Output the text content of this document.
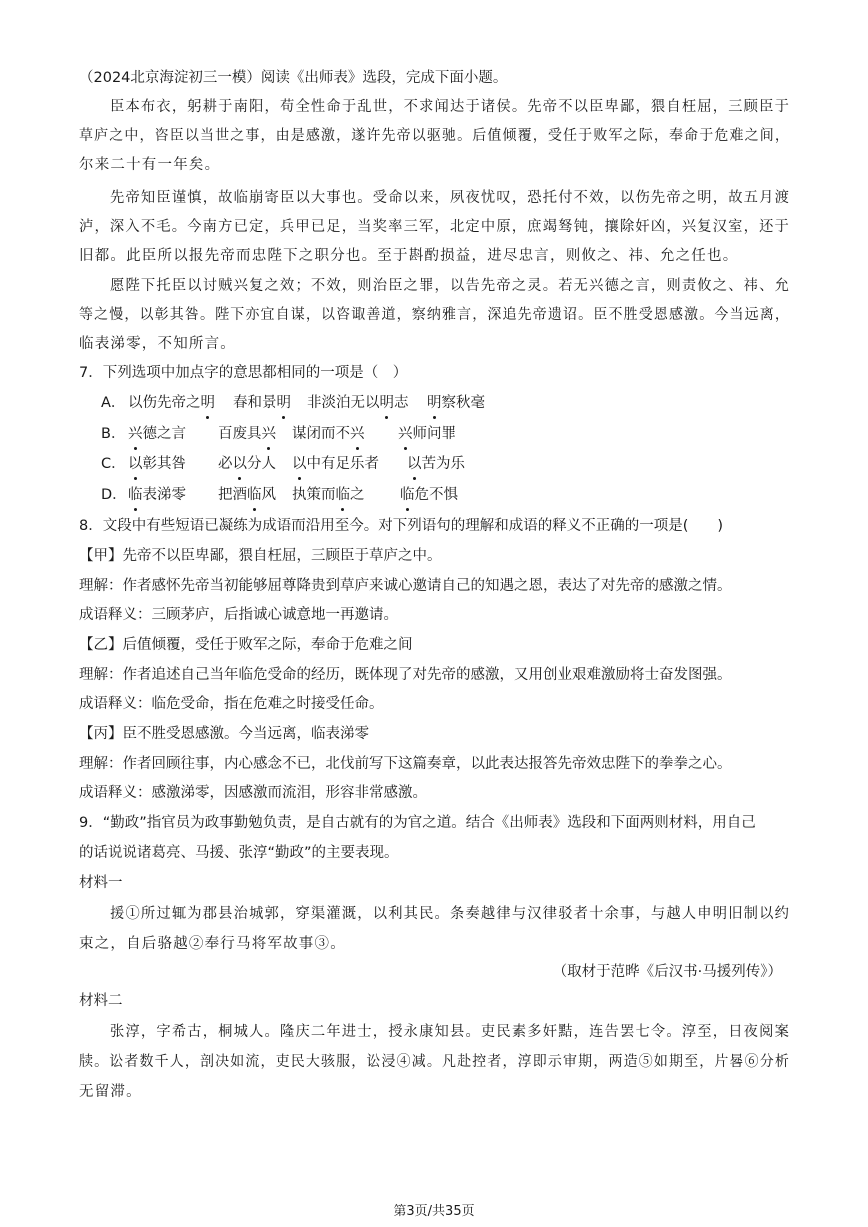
（2024北京海淀初三一模）阅读《出师表》选段，完成下面小题。
臣本布衣，躬耕于南阳，苟全性命于乱世，不求闻达于诸侯。先帝不以臣卑鄙，猥自枉屈，三顾臣于
草庐之中，咨臣以当世之事，由是感激，遂许先帝以驱驰。后值倾覆，受任于败军之际，奉命于危难之间，
尔来二十有一年矣。
先帝知臣谨慎，故临崩寄臣以大事也。受命以来，夙夜忧叹，恐托付不效，以伤先帝之明，故五月渡
泸，深入不毛。今南方已定，兵甲已足，当奖率三军，北定中原，庶竭驽钝，攘除奸凶，兴复汉室，还于
旧都。此臣所以报先帝而忠陛下之职分也。至于斟酌损益，进尽忠言，则攸之、祎、允之任也。
愿陛下托臣以讨贼兴复之效；不效，则治臣之罪，以告先帝之灵。若无兴德之言，则责攸之、祎、允
等之慢，以彰其咎。陛下亦宜自谋，以咨诹善道，察纳雅言，深追先帝遗诏。臣不胜受恩感激。今当远离，
临表涕零，不知所言。
7．下列选项中加点字的意思都相同的一项是（　）
A． 以伤先帝之明 春和景明 非淡泊无以明志 明察秋毫
B． 兴德之言 百废具兴 谋闭而不兴 兴师问罪
C． 以彰其咎 必以分人 以中有足乐者 以苦为乐
D． 临表涕零 把酒临风 执策而临之 临危不惧
8．文段中有些短语已凝练为成语而沿用至今。对下列语句的理解和成语的释义不正确的一项是(　　)
【甲】先帝不以臣卑鄙，猥自枉屈，三顾臣于草庐之中。
理解：作者感怀先帝当初能够屈尊降贵到草庐来诚心邀请自己的知遇之恩，表达了对先帝的感激之情。
成语释义：三顾茅庐，后指诚心诚意地一再邀请。
【乙】后值倾覆，受任于败军之际，奉命于危难之间
理解：作者追述自己当年临危受命的经历，既体现了对先帝的感激，又用创业艰难激励将士奋发图强。
成语释义：临危受命，指在危难之时接受任命。
【丙】臣不胜受恩感激。今当远离，临表涕零
理解：作者回顾往事，内心感念不已，北伐前写下这篇奏章，以此表达报答先帝效忠陛下的拳拳之心。
成语释义：感激涕零，因感激而流泪，形容非常感激。
9．“勤政”指官员为政事勤勉负责，是自古就有的为官之道。结合《出师表》选段和下面两则材料，用自己
的话说说诸葛亮、马援、张淳“勤政”的主要表现。
材料一
援①所过辄为郡县治城郭，穿渠灌溉，以利其民。条奏越律与汉律驳者十余事，与越人申明旧制以约
束之，自后骆越②奉行马将军故事③。
（取材于范晔《后汉书·马援列传》）
材料二
张淳，字希古，桐城人。隆庆二年进士，授永康知县。吏民素多奸黠，连告罢七令。淳至，日夜阅案
牍。讼者数千人，剖决如流，吏民大骇服，讼浸④减。凡赴控者，淳即示审期，两造⑤如期至，片晷⑥分析
无留滞。
第3页/共35页
